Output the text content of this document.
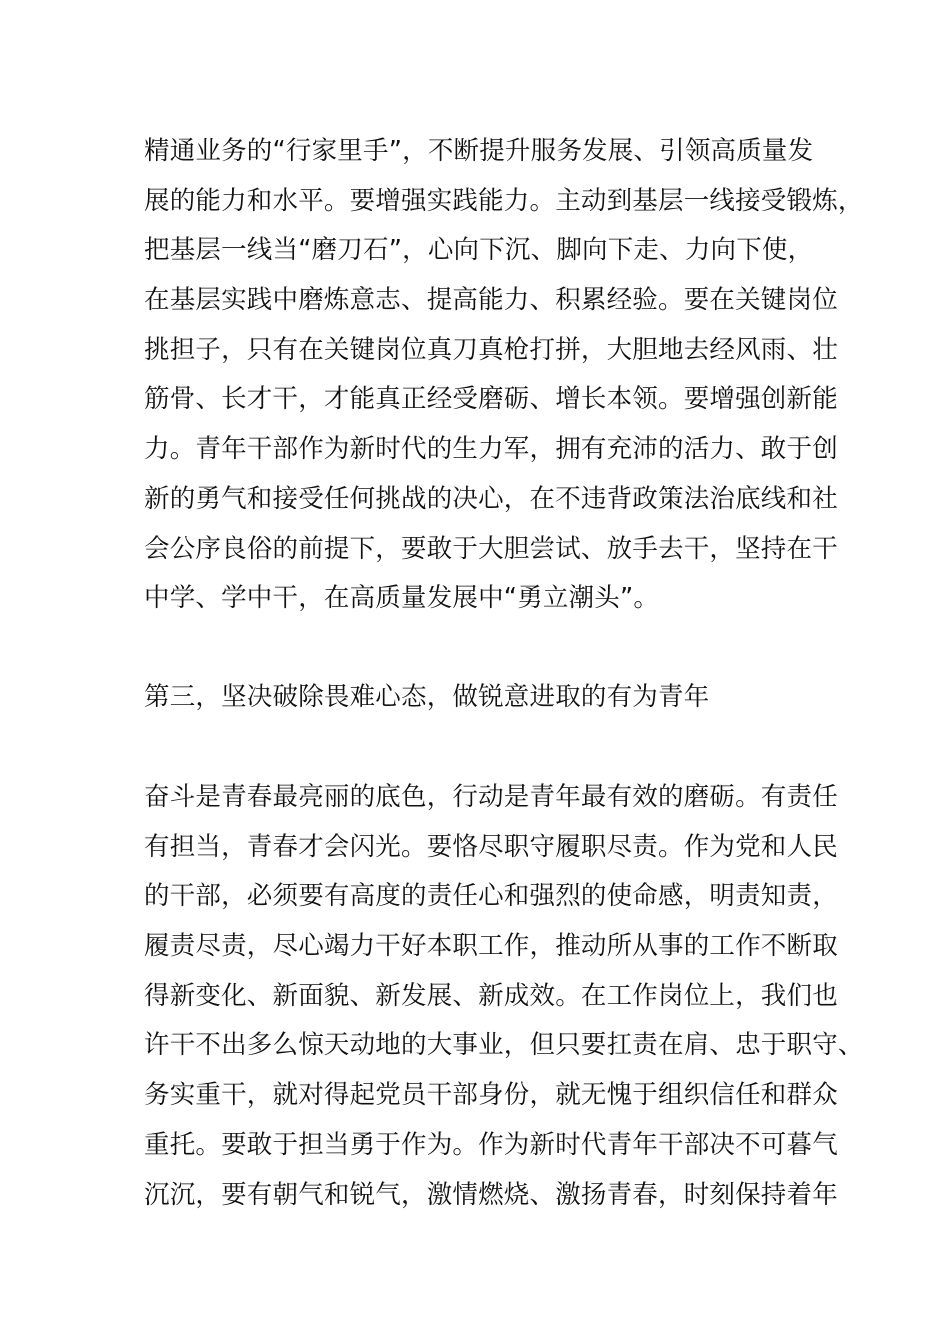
精通业务的“行家里手”，不断提升服务发展、引领高质量发
展的能力和水平。要增强实践能力。主动到基层一线接受锻炼，
把基层一线当“磨刀石”，心向下沉、脚向下走、力向下使，
在基层实践中磨炼意志、提高能力、积累经验。要在关键岗位
挑担子，只有在关键岗位真刀真枪打拼，大胆地去经风雨、壮
筋骨、长才干，才能真正经受磨砺、增长本领。要增强创新能
力。青年干部作为新时代的生力军，拥有充沛的活力、敢于创
新的勇气和接受任何挑战的决心，在不违背政策法治底线和社
会公序良俗的前提下，要敢于大胆尝试、放手去干，坚持在干
中学、学中干，在高质量发展中“勇立潮头”。
第三，坚决破除畏难心态，做锐意进取的有为青年
奋斗是青春最亮丽的底色，行动是青年最有效的磨砺。有责任
有担当，青春才会闪光。要恪尽职守履职尽责。作为党和人民
的干部，必须要有高度的责任心和强烈的使命感，明责知责，
履责尽责，尽心竭力干好本职工作，推动所从事的工作不断取
得新变化、新面貌、新发展、新成效。在工作岗位上，我们也
许干不出多么惊天动地的大事业，但只要扛责在肩、忠于职守、
务实重干，就对得起党员干部身份，就无愧于组织信任和群众
重托。要敢于担当勇于作为。作为新时代青年干部决不可暮气
沉沉，要有朝气和锐气，激情燃烧、激扬青春，时刻保持着年
